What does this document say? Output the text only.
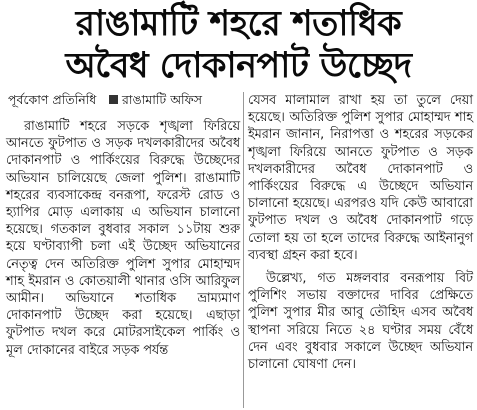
রাঙামাটি শহরে শতাধিক
অবৈধ দোকানপাট উচ্ছেদ
পূর্বকোণ প্রতিনিধি রাঙামাটি অফিস

রাঙামাটি শহরে সড়কে শৃঙ্খলা ফিরিয়ে আনতে ফুটপাত ও সড়ক দখলকারীদের অবৈধ দোকানপাট ও পার্কিংয়ের বিরুদ্ধে উচ্ছেদের অভিযান চালিয়েছে জেলা পুলিশ। রাঙামাটি শহরের ব্যবসাকেন্দ্র বনরূপা, ফরেস্ট রোড ও হ্যাপির মোড় এলাকায় এ অভিযান চালানো হয়েছে। গতকাল বুধবার সকাল ১১টায় শুরু হয়ে ঘণ্টাব্যাপী চলা এই উচ্ছেদ অভিযানের নেতৃত্ব দেন অতিরিক্ত পুলিশ সুপার মোহাম্মদ শাহ ইমরান ও কোতয়ালী থানার ওসি আরিফুল আমীন। অভিযানে শতাধিক ভ্রাম্যমাণ দোকানপাট উচ্ছেদ করা হয়েছে। এছাড়া ফুটপাত দখল করে মোটরসাইকেল পার্কিং ও মূল দোকানের বাইরে সড়ক পর্যন্ত

যেসব মালামাল রাখা হয় তা তুলে দেয়া হয়েছে। অতিরিক্ত পুলিশ সুপার মোহাম্মদ শাহ ইমরান জানান, নিরাপত্তা ও শহরের সড়কের শৃঙ্খলা ফিরিয়ে আনতে ফুটপাত ও সড়ক দখলকারীদের অবৈধ দোকানপাট ও পার্কিংয়ের বিরুদ্ধে এ উচ্ছেদে অভিযান চালানো হয়েছে। এরপরও যদি কেউ আবারো ফুটপাত দখল ও অবৈধ দোকানপাট গড়ে তোলা হয় তা হলে তাদের বিরুদ্ধে আইনানুগ ব্যবস্থা গ্রহন করা হবে।

উল্লেখ্য, গত মঙ্গলবার বনরূপায় বিট পুলিশিং সভায় বক্তাদের দাবির প্রেক্ষিতে পুলিশ সুপার মীর আবু তৌহিদ এসব অবৈধ স্থাপনা সরিয়ে নিতে ২৪ ঘণ্টার সময় বেঁধে দেন এবং বুধবার সকালে উচ্ছেদ অভিযান চালানো ঘোষণা দেন।
